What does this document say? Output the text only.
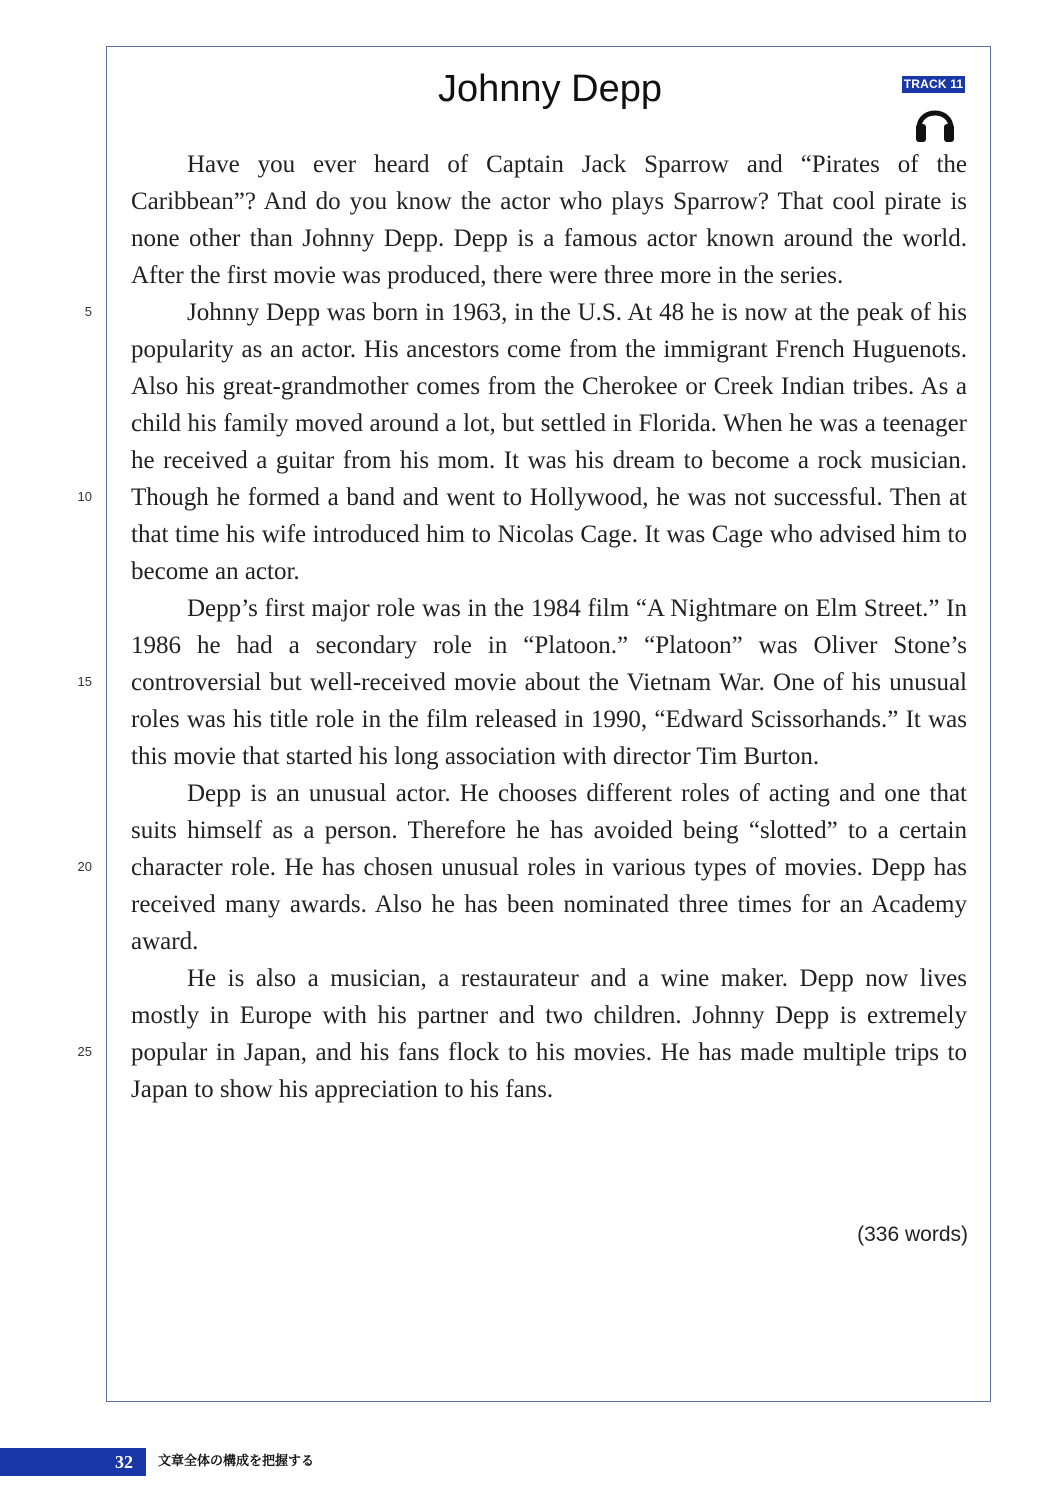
Johnny Depp	TRACK 11

Have you ever heard of Captain Jack Sparrow and “Pirates of the Caribbean”? And do you know the actor who plays Sparrow? That cool pirate is none other than Johnny Depp. Depp is a famous actor known around the world. After the first movie was produced, there were three more in the series.

Johnny Depp was born in 1963, in the U.S. At 48 he is now at the peak of his popularity as an actor. His ancestors come from the immigrant French Huguenots. Also his great-grandmother comes from the Cherokee or Creek Indian tribes. As a child his family moved around a lot, but settled in Florida. When he was a teenager he received a guitar from his mom. It was his dream to become a rock musician. Though he formed a band and went to Hollywood, he was not successful. Then at that time his wife introduced him to Nicolas Cage. It was Cage who advised him to become an actor.

Depp’s first major role was in the 1984 film “A Nightmare on Elm Street.” In 1986 he had a secondary role in “Platoon.” “Platoon” was Oliver Stone’s controversial but well-received movie about the Vietnam War. One of his unusual roles was his title role in the film released in 1990, “Edward Scissorhands.” It was this movie that started his long association with director Tim Burton.

Depp is an unusual actor. He chooses different roles of acting and one that suits himself as a person. Therefore he has avoided being “slotted” to a certain character role. He has chosen unusual roles in various types of movies. Depp has received many awards. Also he has been nominated three times for an Academy award.

He is also a musician, a restaurateur and a wine maker. Depp now lives mostly in Europe with his partner and two children. Johnny Depp is extremely popular in Japan, and his fans flock to his movies. He has made multiple trips to Japan to show his appreciation to his fans.

5
10
15
20
25
(336 words)
32	文章全体の構成を把握する
